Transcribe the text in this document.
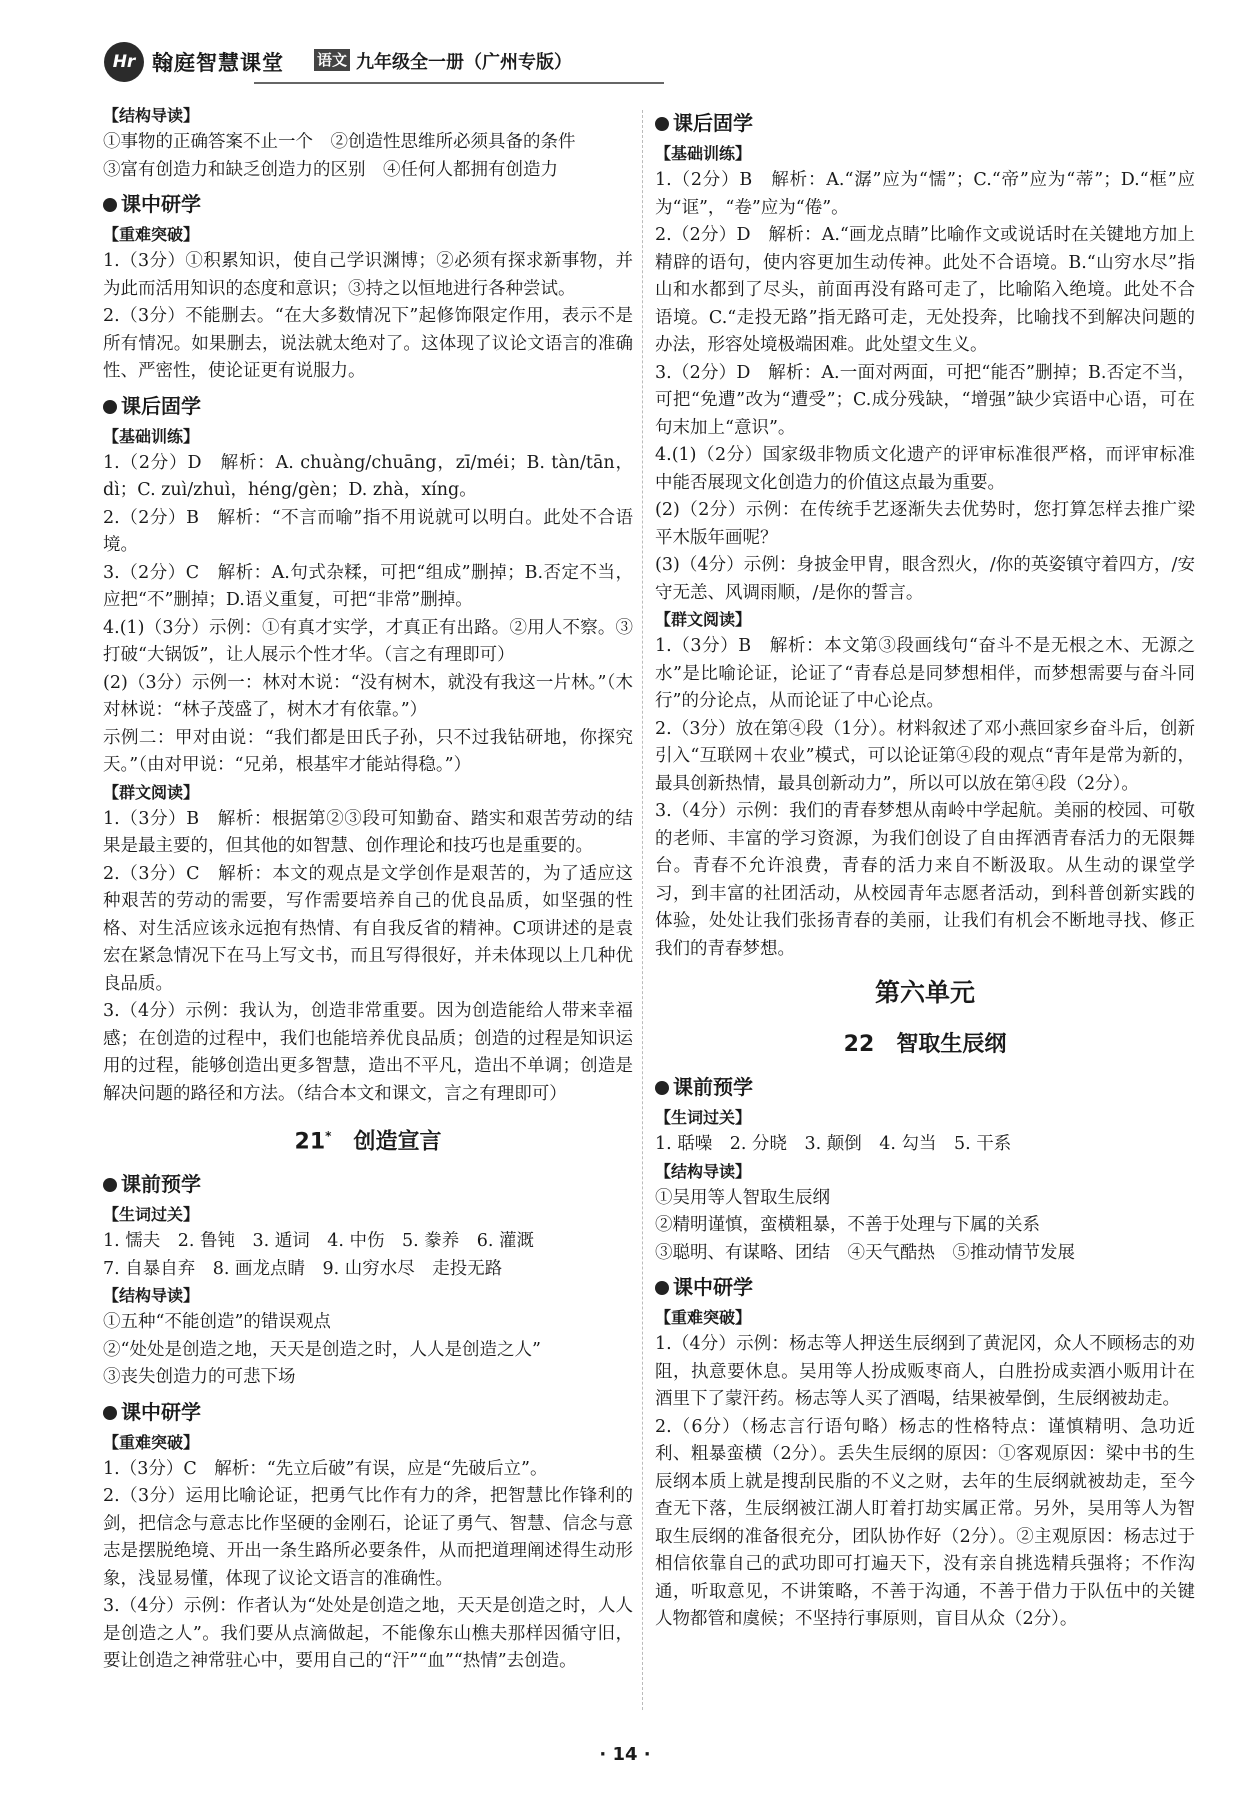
Hr 翰庭智慧课堂 语文 九年级全一册（广州专版）
【结构导读】

①事物的正确答案不止一个　②创造性思维所必须具备的条件

③富有创造力和缺乏创造力的区别　④任何人都拥有创造力

课中研学
【重难突破】

1.（3分）①积累知识，使自己学识渊博；②必须有探求新事物，并为此而活用知识的态度和意识；③持之以恒地进行各种尝试。

2.（3分）不能删去。“在大多数情况下”起修饰限定作用，表示不是所有情况。如果删去，说法就太绝对了。这体现了议论文语言的准确性、严密性，使论证更有说服力。

课后固学
【基础训练】

1.（2分）D　解析：A. chuàng/chuāng，zī/méi；B. tàn/tān，dì；C. zuì/zhuì，héng/gèn；D. zhà，xíng。

2.（2分）B　解析：“不言而喻”指不用说就可以明白。此处不合语境。

3.（2分）C　解析：A.句式杂糅，可把“组成”删掉；B.否定不当，应把“不”删掉；D.语义重复，可把“非常”删掉。

4.(1)（3分）示例：①有真才实学，才真正有出路。②用人不察。③打破“大锅饭”，让人展示个性才华。（言之有理即可）

(2)（3分）示例一：林对木说：“没有树木，就没有我这一片林。”（木对林说：“林子茂盛了，树木才有依靠。”）

示例二：甲对由说：“我们都是田氏子孙，只不过我钻研地，你探究天。”（由对甲说：“兄弟，根基牢才能站得稳。”）

【群文阅读】

1.（3分）B　解析：根据第②③段可知勤奋、踏实和艰苦劳动的结果是最主要的，但其他的如智慧、创作理论和技巧也是重要的。

2.（3分）C　解析：本文的观点是文学创作是艰苦的，为了适应这种艰苦的劳动的需要，写作需要培养自己的优良品质，如坚强的性格、对生活应该永远抱有热情、有自我反省的精神。C项讲述的是袁宏在紧急情况下在马上写文书，而且写得很好，并未体现以上几种优良品质。

3.（4分）示例：我认为，创造非常重要。因为创造能给人带来幸福感；在创造的过程中，我们也能培养优良品质；创造的过程是知识运用的过程，能够创造出更多智慧，造出不平凡，造出不单调；创造是解决问题的路径和方法。（结合本文和课文，言之有理即可）

21*　 创造宣言
课前预学
【生词过关】

1. 懦夫　2. 鲁钝　3. 遁词　4. 中伤　5. 豢养　6. 灌溉

7. 自暴自弃　8. 画龙点睛　9. 山穷水尽　走投无路

【结构导读】

①五种“不能创造”的错误观点

②“处处是创造之地，天天是创造之时，人人是创造之人”

③丧失创造力的可悲下场

课中研学
【重难突破】

1.（3分）C　解析：“先立后破”有误，应是“先破后立”。

2.（3分）运用比喻论证，把勇气比作有力的斧，把智慧比作锋利的剑，把信念与意志比作坚硬的金刚石，论证了勇气、智慧、信念与意志是摆脱绝境、开出一条生路所必要条件，从而把道理阐述得生动形象，浅显易懂，体现了议论文语言的准确性。

3.（4分）示例：作者认为“处处是创造之地，天天是创造之时，人人是创造之人”。我们要从点滴做起，不能像东山樵夫那样因循守旧，要让创造之神常驻心中，要用自己的“汗”“血”“热情”去创造。

课后固学
【基础训练】

1.（2分）B　解析：A.“潺”应为“懦”；C.“帝”应为“蒂”；D.“框”应为“诓”，“卷”应为“倦”。

2.（2分）D　解析：A.“画龙点睛”比喻作文或说话时在关键地方加上精辟的语句，使内容更加生动传神。此处不合语境。B.“山穷水尽”指山和水都到了尽头，前面再没有路可走了，比喻陷入绝境。此处不合语境。C.“走投无路”指无路可走，无处投奔，比喻找不到解决问题的办法，形容处境极端困难。此处望文生义。

3.（2分）D　解析：A.一面对两面，可把“能否”删掉；B.否定不当，可把“免遭”改为“遭受”；C.成分残缺，“增强”缺少宾语中心语，可在句末加上“意识”。

4.(1)（2分）国家级非物质文化遗产的评审标准很严格，而评审标准中能否展现文化创造力的价值这点最为重要。

(2)（2分）示例：在传统手艺逐渐失去优势时，您打算怎样去推广梁平木版年画呢？

(3)（4分）示例：身披金甲胄，眼含烈火，/你的英姿镇守着四方，/安守无恙、风调雨顺，/是你的誓言。

【群文阅读】

1.（3分）B　解析：本文第③段画线句“奋斗不是无根之木、无源之水”是比喻论证，论证了“青春总是同梦想相伴，而梦想需要与奋斗同行”的分论点，从而论证了中心论点。

2.（3分）放在第④段（1分）。材料叙述了邓小燕回家乡奋斗后，创新引入“互联网＋农业”模式，可以论证第④段的观点“青年是常为新的，最具创新热情，最具创新动力”，所以可以放在第④段（2分）。

3.（4分）示例：我们的青春梦想从南岭中学起航。美丽的校园、可敬的老师、丰富的学习资源，为我们创设了自由挥洒青春活力的无限舞台。青春不允许浪费，青春的活力来自不断汲取。从生动的课堂学习，到丰富的社团活动，从校园青年志愿者活动，到科普创新实践的体验，处处让我们张扬青春的美丽，让我们有机会不断地寻找、修正我们的青春梦想。

第六单元
22　 智取生辰纲
课前预学
【生词过关】

1. 聒噪　2. 分晓　3. 颠倒　4. 勾当　5. 干系

【结构导读】

①吴用等人智取生辰纲

②精明谨慎，蛮横粗暴，不善于处理与下属的关系

③聪明、有谋略、团结　④天气酷热　⑤推动情节发展

课中研学
【重难突破】

1.（4分）示例：杨志等人押送生辰纲到了黄泥冈，众人不顾杨志的劝阻，执意要休息。吴用等人扮成贩枣商人，白胜扮成卖酒小贩用计在酒里下了蒙汗药。杨志等人买了酒喝，结果被晕倒，生辰纲被劫走。

2.（6分）（杨志言行语句略）杨志的性格特点：谨慎精明、急功近利、粗暴蛮横（2分）。丢失生辰纲的原因：①客观原因：梁中书的生辰纲本质上就是搜刮民脂的不义之财，去年的生辰纲就被劫走，至今查无下落，生辰纲被江湖人盯着打劫实属正常。另外，吴用等人为智取生辰纲的准备很充分，团队协作好（2分）。②主观原因：杨志过于相信依靠自己的武功即可打遍天下，没有亲自挑选精兵强将；不作沟通，听取意见，不讲策略，不善于沟通，不善于借力于队伍中的关键人物都管和虞候；不坚持行事原则，盲目从众（2分）。

· 14 ·
